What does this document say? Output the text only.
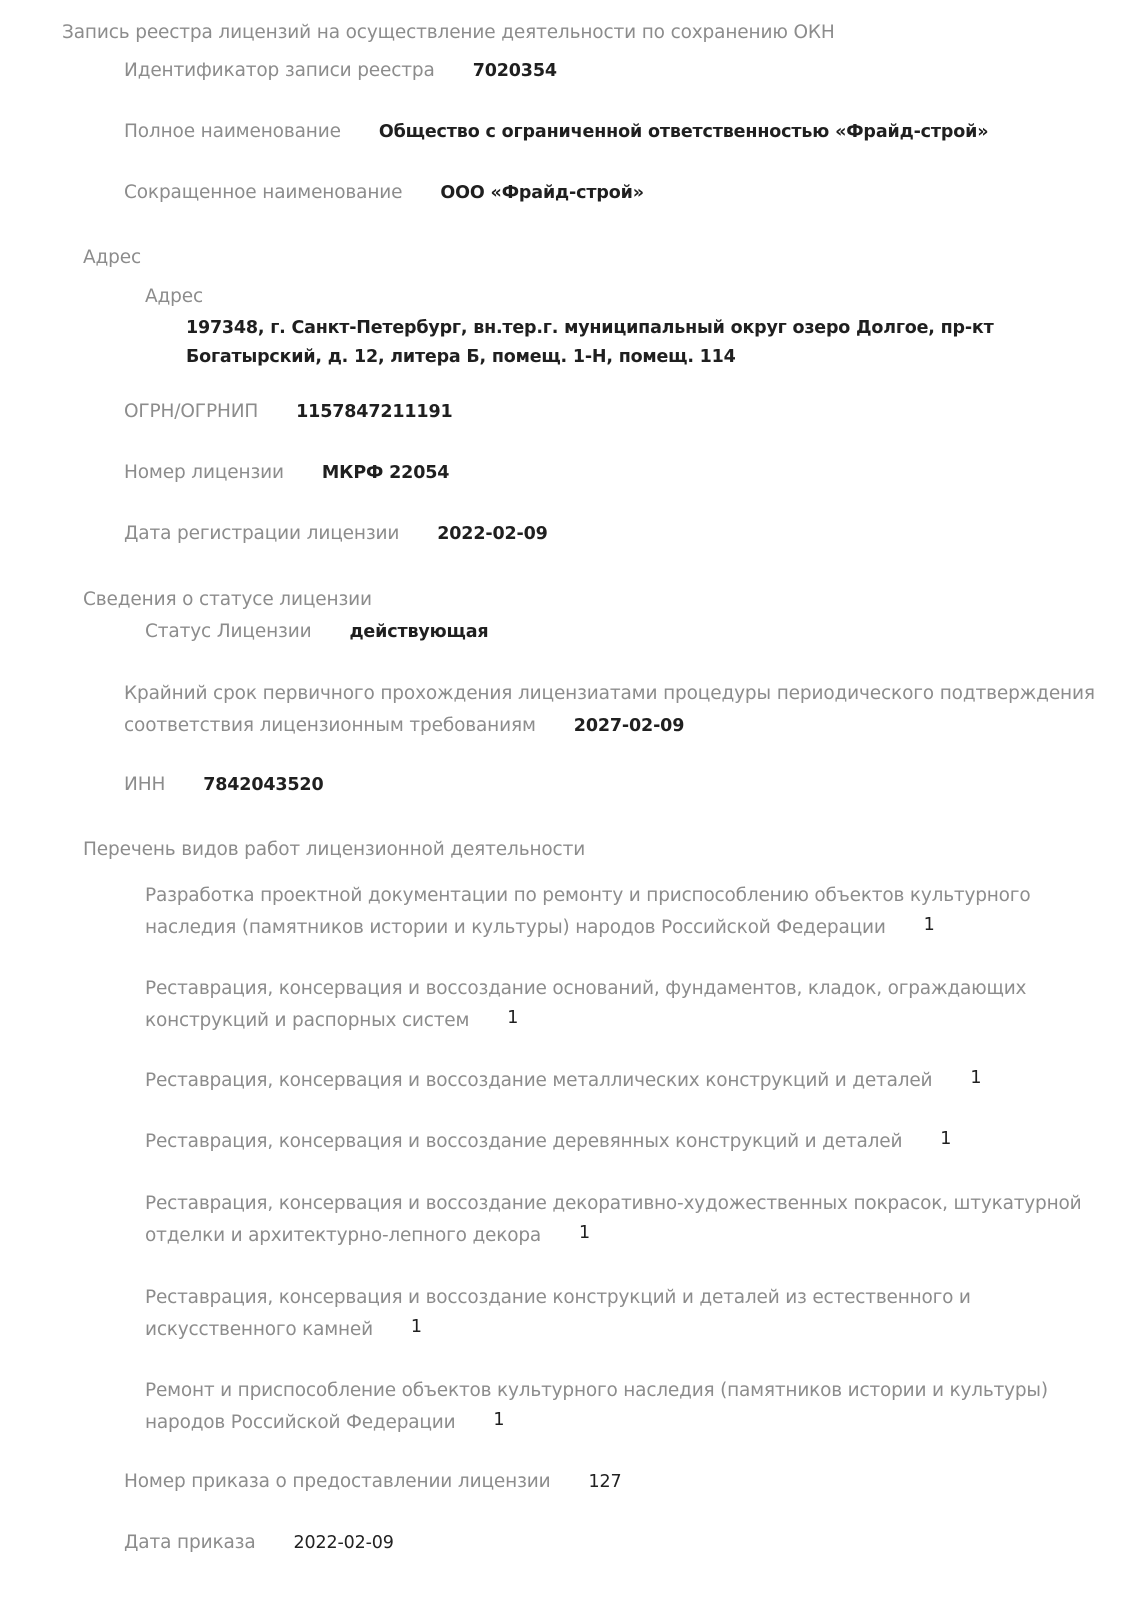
Запись реестра лицензий на осуществление деятельности по сохранению ОКН
Идентификатор записи реестра 7020354
Полное наименование Общество с ограниченной ответственностью «Фрайд-строй»
Сокращенное наименование ООО «Фрайд-строй»
Адрес
Адрес
197348, г. Санкт-Петербург, вн.тер.г. муниципальный округ озеро Долгое, пр-кт Богатырский, д. 12, литера Б, помещ. 1-Н, помещ. 114
ОГРН/ОГРНИП 1157847211191
Номер лицензии МКРФ 22054
Дата регистрации лицензии 2022-02-09
Сведения о статусе лицензии
Статус Лицензии действующая
Крайний срок первичного прохождения лицензиатами процедуры периодического подтверждения соответствия лицензионным требованиям 2027-02-09
ИНН 7842043520
Перечень видов работ лицензионной деятельности
Разработка проектной документации по ремонту и приспособлению объектов культурного наследия (памятников истории и культуры) народов Российской Федерации 1
Реставрация, консервация и воссоздание оснований, фундаментов, кладок, ограждающих конструкций и распорных систем 1
Реставрация, консервация и воссоздание металлических конструкций и деталей 1
Реставрация, консервация и воссоздание деревянных конструкций и деталей 1
Реставрация, консервация и воссоздание декоративно-художественных покрасок, штукатурной отделки и архитектурно-лепного декора 1
Реставрация, консервация и воссоздание конструкций и деталей из естественного и искусственного камней 1
Ремонт и приспособление объектов культурного наследия (памятников истории и культуры) народов Российской Федерации 1
Номер приказа о предоставлении лицензии 127
Дата приказа 2022-02-09
